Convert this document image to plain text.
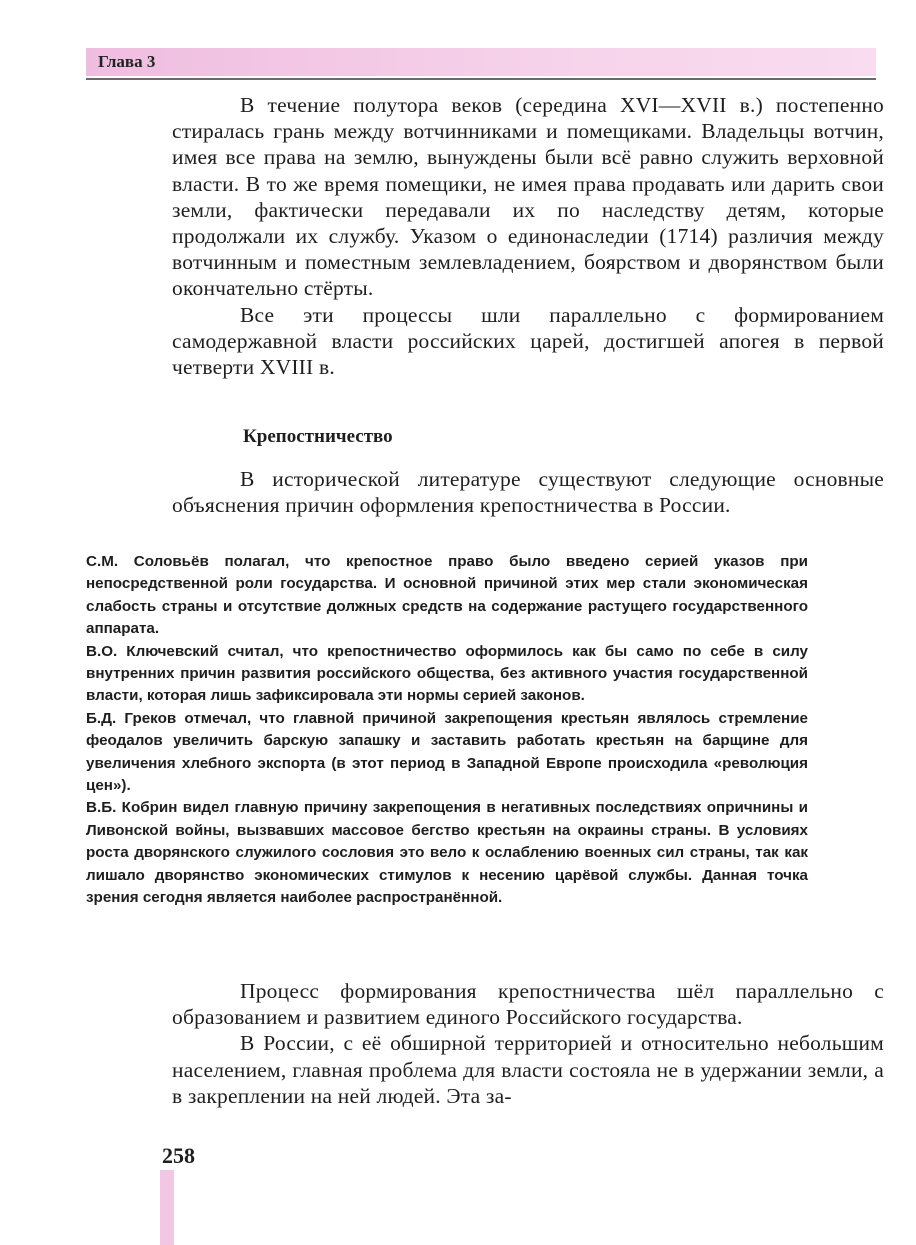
Глава 3

В течение полутора веков (середина XVI—XVII в.) постепенно стиралась грань между вотчинниками и помещиками. Владельцы вотчин, имея все права на землю, вынуждены были всё равно служить верховной власти. В то же время помещики, не имея права продавать или дарить свои земли, фактически передавали их по наследству детям, которые продолжали их службу. Указом о единонаследии (1714) различия между вотчинным и поместным землевладением, боярством и дворянством были окончательно стёрты.

Все эти процессы шли параллельно с формированием самодержавной власти российских царей, достигшей апогея в первой четверти XVIII в.

Крепостничество

В исторической литературе существуют следующие основные объяснения причин оформления крепостничества в России.

С.М. Соловьёв полагал, что крепостное право было введено серией указов при непосредственной роли государства. И основной причиной этих мер стали экономическая слабость страны и отсутствие должных средств на содержание растущего государственного аппарата.

В.О. Ключевский считал, что крепостничество оформилось как бы само по себе в силу внутренних причин развития российского общества, без активного участия государственной власти, которая лишь зафиксировала эти нормы серией законов.

Б.Д. Греков отмечал, что главной причиной закрепощения крестьян являлось стремление феодалов увеличить барскую запашку и заставить работать крестьян на барщине для увеличения хлебного экспорта (в этот период в Западной Европе происходила «революция цен»).

В.Б. Кобрин видел главную причину закрепощения в негативных последствиях опричнины и Ливонской войны, вызвавших массовое бегство крестьян на окраины страны. В условиях роста дворянского служилого сословия это вело к ослаблению военных сил страны, так как лишало дворянство экономических стимулов к несению царёвой службы. Данная точка зрения сегодня является наиболее распространённой.

Процесс формирования крепостничества шёл параллельно с образованием и развитием единого Российского государства.

В России, с её обширной территорией и относительно небольшим населением, главная проблема для власти состояла не в удержании земли, а в закреплении на ней людей. Эта за-

258
